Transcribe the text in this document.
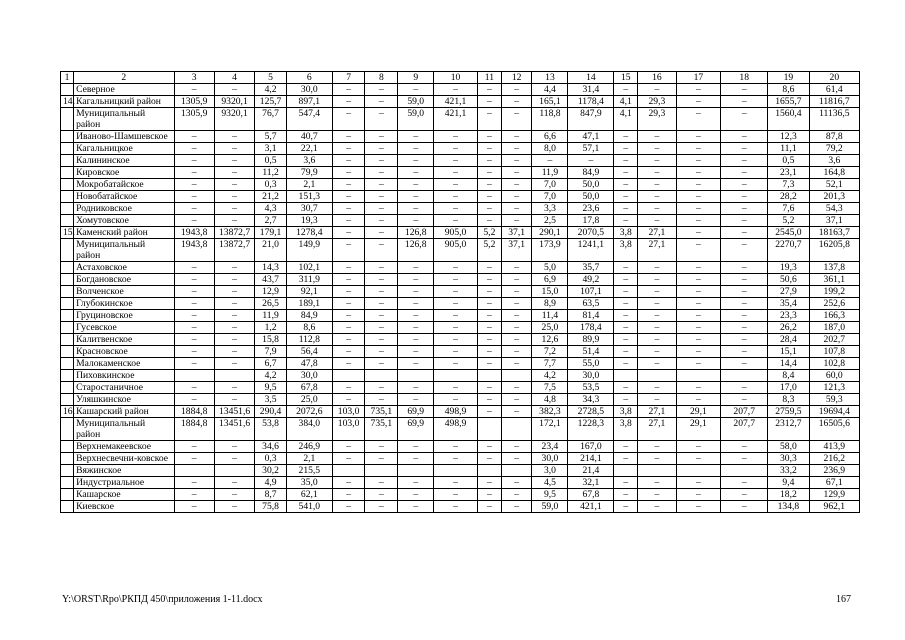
1	2	3	4	5	6	7	8	9	10	11	12	13	14	15	16	17	18	19	20
	Северное	–	–	4,2	30,0	–	–	–	–	–	–	4,4	31,4	–	–	–	–	8,6	61,4
14.	Кагальницкий район	1305,9	9320,1	125,7	897,1	–	–	59,0	421,1	–	–	165,1	1178,4	4,1	29,3	–	–	1655,7	11816,7
	Муниципальный район	1305,9	9320,1	76,7	547,4	–	–	59,0	421,1	–	–	118,8	847,9	4,1	29,3	–	–	1560,4	11136,5
	Иваново-Шамшевское	–	–	5,7	40,7	–	–	–	–	–	–	6,6	47,1	–	–	–	–	12,3	87,8
	Кагальницкое	–	–	3,1	22,1	–	–	–	–	–	–	8,0	57,1	–	–	–	–	11,1	79,2
	Калининское	–	–	0,5	3,6	–	–	–	–	–	–	–	–	–	–	–	–	0,5	3,6
	Кировское	–	–	11,2	79,9	–	–	–	–	–	–	11,9	84,9	–	–	–	–	23,1	164,8
	Мокробатайское	–	–	0,3	2,1	–	–	–	–	–	–	7,0	50,0	–	–	–	–	7,3	52,1
	Новобатайское	–	–	21,2	151,3	–	–	–	–	–	–	7,0	50,0	–	–	–	–	28,2	201,3
	Родниковское	–	–	4,3	30,7	–	–	–	–	–	–	3,3	23,6	–	–	–	–	7,6	54,3
	Хомутовское	–	–	2,7	19,3	–	–	–	–	–	–	2,5	17,8	–	–	–	–	5,2	37,1
15.	Каменский район	1943,8	13872,7	179,1	1278,4	–	–	126,8	905,0	5,2	37,1	290,1	2070,5	3,8	27,1	–	–	2545,0	18163,7
	Муниципальный район	1943,8	13872,7	21,0	149,9	–	–	126,8	905,0	5,2	37,1	173,9	1241,1	3,8	27,1	–	–	2270,7	16205,8
	Астаховское	–	–	14,3	102,1	–	–	–	–	–	–	5,0	35,7	–	–	–	–	19,3	137,8
	Богдановское	–	–	43,7	311,9	–	–	–	–	–	–	6,9	49,2	–	–	–	–	50,6	361,1
	Волченское	–	–	12,9	92,1	–	–	–	–	–	–	15,0	107,1	–	–	–	–	27,9	199,2
	Глубокинское	–	–	26,5	189,1	–	–	–	–	–	–	8,9	63,5	–	–	–	–	35,4	252,6
	Груциновское	–	–	11,9	84,9	–	–	–	–	–	–	11,4	81,4	–	–	–	–	23,3	166,3
	Гусевское	–	–	1,2	8,6	–	–	–	–	–	–	25,0	178,4	–	–	–	–	26,2	187,0
	Калитвенское	–	–	15,8	112,8	–	–	–	–	–	–	12,6	89,9	–	–	–	–	28,4	202,7
	Красновское	–	–	7,9	56,4	–	–	–	–	–	–	7,2	51,4	–	–	–	–	15,1	107,8
	Малокаменское	–	–	6,7	47,8	–	–	–	–	–	–	7,7	55,0	–	–	–	–	14,4	102,8
	Пиховкинское			4,2	30,0							4,2	30,0					8,4	60,0
	Старостаничное	–	–	9,5	67,8	–	–	–	–	–	–	7,5	53,5	–	–	–	–	17,0	121,3
	Уляшкинское	–	–	3,5	25,0	–	–	–	–	–	–	4,8	34,3	–	–	–	–	8,3	59,3
16.	Кашарский район	1884,8	13451,6	290,4	2072,6	103,0	735,1	69,9	498,9	–	–	382,3	2728,5	3,8	27,1	29,1	207,7	2759,5	19694,4
	Муниципальный район	1884,8	13451,6	53,8	384,0	103,0	735,1	69,9	498,9			172,1	1228,3	3,8	27,1	29,1	207,7	2312,7	16505,6
	Верхнемакеевское	–	–	34,6	246,9	–	–	–	–	–	–	23,4	167,0	–	–	–	–	58,0	413,9
	Верхнесвечни-ковское	–	–	0,3	2,1	–	–	–	–	–	–	30,0	214,1	–	–	–	–	30,3	216,2
	Вяжинское			30,2	215,5							3,0	21,4					33,2	236,9
	Индустриальное	–	–	4,9	35,0	–	–	–	–	–	–	4,5	32,1	–	–	–	–	9,4	67,1
	Кашарское	–	–	8,7	62,1	–	–	–	–	–	–	9,5	67,8	–	–	–	–	18,2	129,9
	Киевское	–	–	75,8	541,0	–	–	–	–	–	–	59,0	421,1	–	–	–	–	134,8	962,1
Y:\ORST\Rpo\РКПД 450\приложения 1-11.docx	167
